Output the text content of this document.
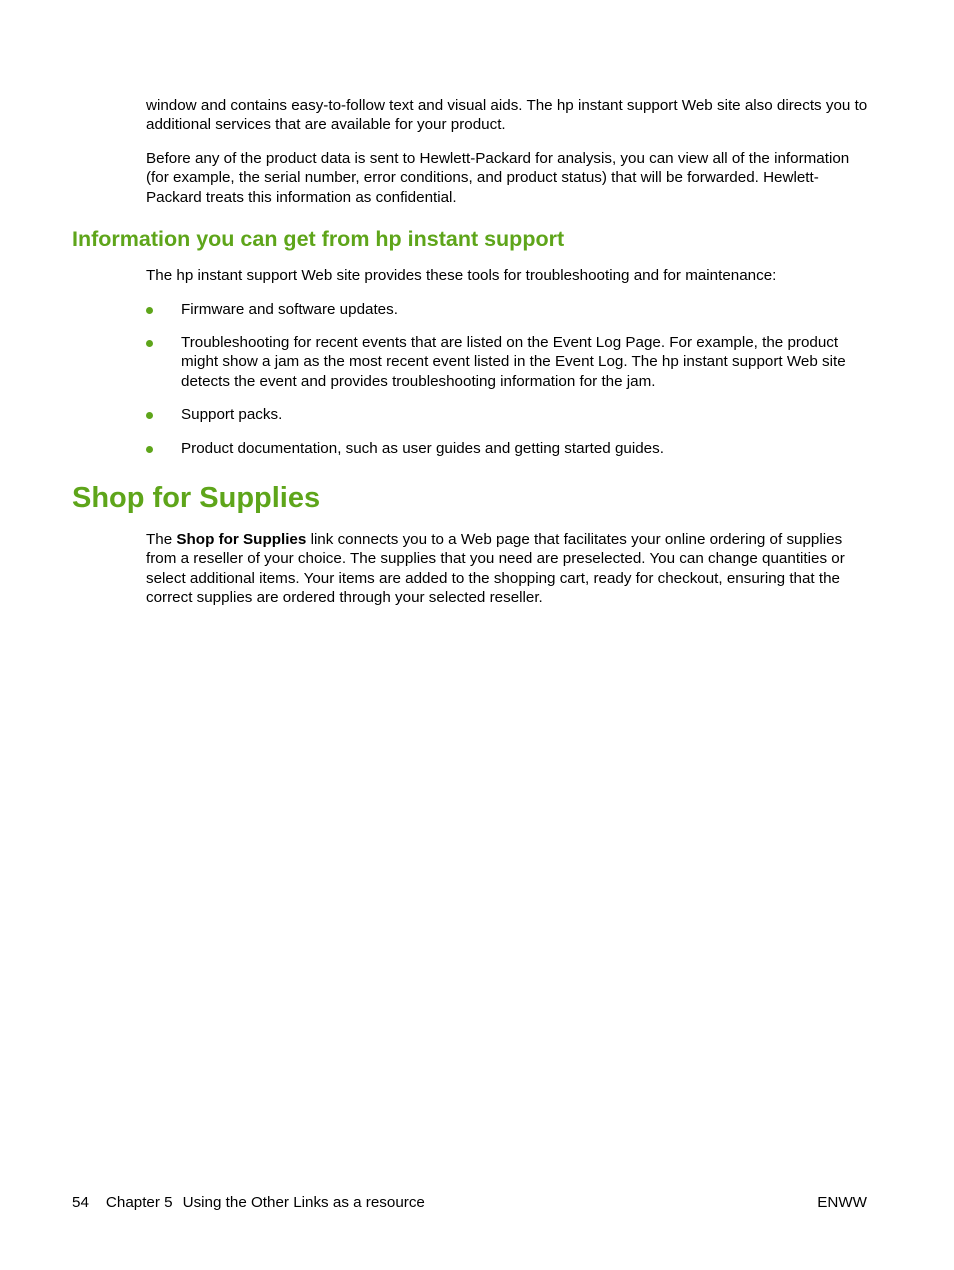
window and contains easy-to-follow text and visual aids. The hp instant support Web site also directs you to additional services that are available for your product.

Before any of the product data is sent to Hewlett-Packard for analysis, you can view all of the information (for example, the serial number, error conditions, and product status) that will be forwarded. Hewlett-Packard treats this information as confidential.

Information you can get from hp instant support

The hp instant support Web site provides these tools for troubleshooting and for maintenance:

Firmware and software updates.
Troubleshooting for recent events that are listed on the Event Log Page. For example, the product might show a jam as the most recent event listed in the Event Log. The hp instant support Web site detects the event and provides troubleshooting information for the jam.
Support packs.
Product documentation, such as user guides and getting started guides.
Shop for Supplies

The Shop for Supplies link connects you to a Web page that facilitates your online ordering of supplies from a reseller of your choice. The supplies that you need are preselected. You can change quantities or select additional items. Your items are added to the shopping cart, ready for checkout, ensuring that the correct supplies are ordered through your selected reseller.

54 Chapter 5 Using the Other Links as a resource	ENWW
